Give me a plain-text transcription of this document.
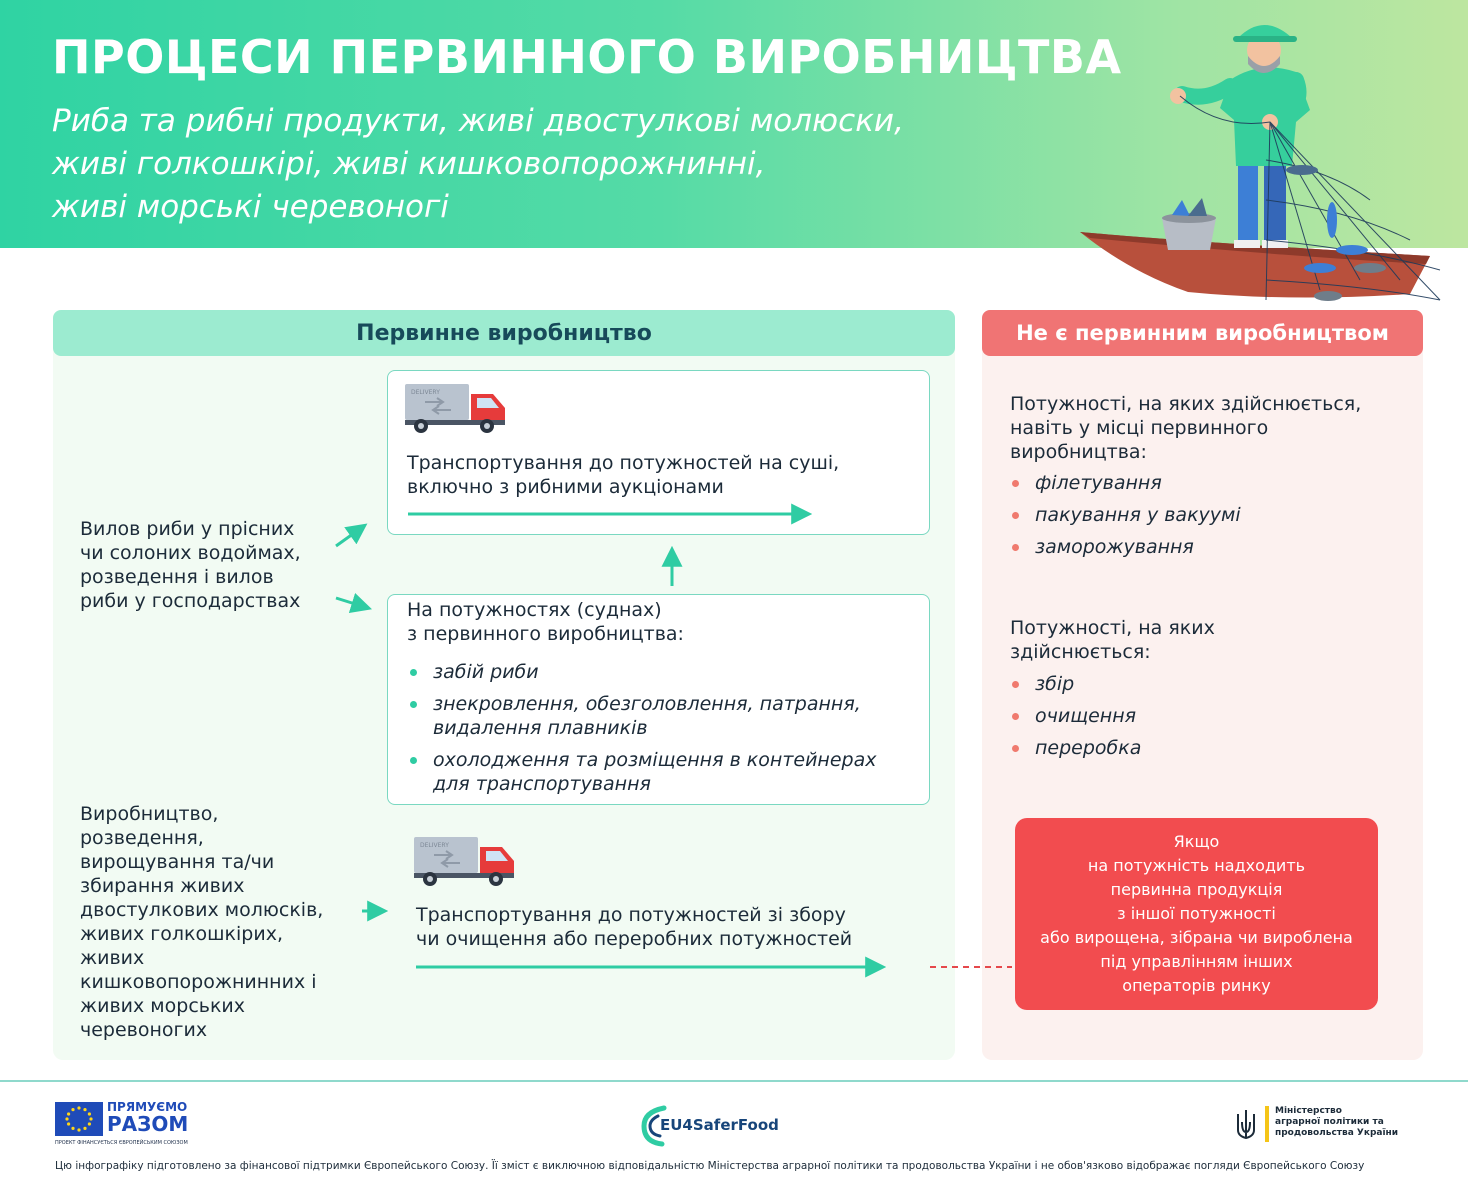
ПРОЦЕСИ ПЕРВИННОГО ВИРОБНИЦТВА
Риба та рибні продукти, живі двостулкові молюски,
живі голкошкірі, живі кишковопорожнинні,
живі морські черевоногі
Первинне виробництво	Не є первинним виробництвом
Вилов риби у прісних
чи солоних водоймах,
розведення і вилов
риби у господарствах
DELIVERY
Транспортування до потужностей на суші,
включно з рибними аукціонами
На потужностях (суднах)
з первинного виробництва:
забій риби
знекровлення, обезголовлення, патрання,
видалення плавників
охолодження та розміщення в контейнерах
для транспортування
Виробництво,
розведення,
вирощування та/чи
збирання живих
двостулкових молюсків,
живих голкошкірих,
живих
кишковопорожнинних і
живих морських
черевоногих
DELIVERY
Транспортування до потужностей зі збору
чи очищення або переробних потужностей
Потужності, на яких здійснюється,
навіть у місці первинного
виробництва:
філетування
пакування у вакуумі
заморожування
Потужності, на яких
здійснюється:
збір
очищення
переробка
Якщо
на потужність надходить
первинна продукція
з іншої потужності
або вирощена, зібрана чи вироблена
під управлінням інших
операторів ринку
ПРЯМУЄМО
РАЗОМ
ПРОЕКТ ФІНАНСУЄТЬСЯ ЄВРОПЕЙСЬКИМ СОЮЗОМ
EU4SaferFood
Міністерство
аграрної політики та
продовольства України
Цю інфографіку підготовлено за фінансової підтримки Європейського Союзу. Її зміст є виключною відповідальністю Міністерства аграрної політики та продовольства України і не обов'язково відображає погляди Європейського Союзу
